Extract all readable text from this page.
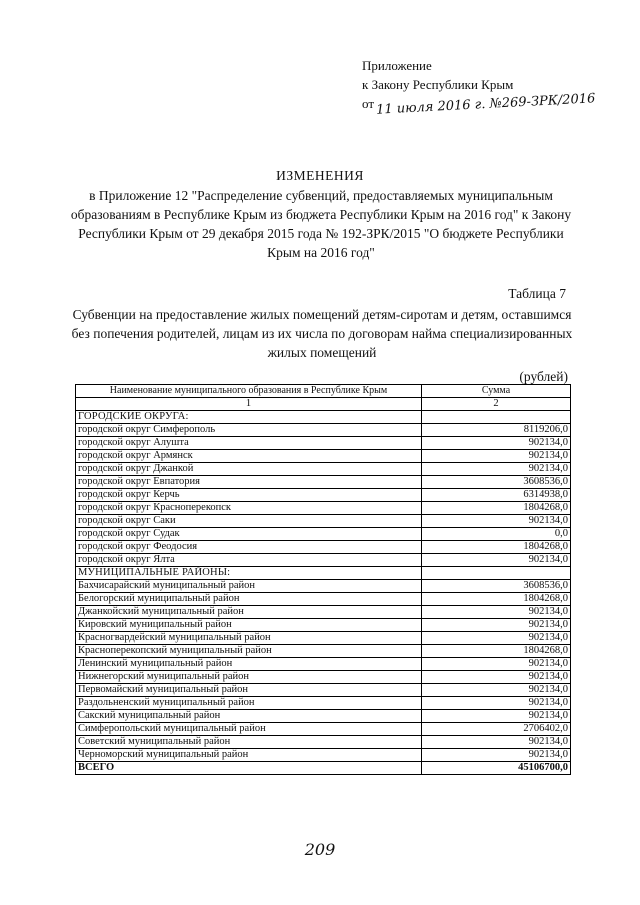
Приложение
к Закону Республики Крым
от 11 июля 2016 г. №269-ЗРК/2016
ИЗМЕНЕНИЯ
в Приложение 12 "Распределение субвенций, предоставляемых муниципальным образованиям в Республике Крым из бюджета Республики Крым на 2016 год" к Закону Республики Крым от 29 декабря 2015 года № 192-ЗРК/2015 "О бюджете Республики Крым на 2016 год"
Таблица 7
Субвенции на предоставление жилых помещений детям-сиротам и детям, оставшимся без попечения родителей, лицам из их числа по договорам найма специализированных жилых помещений
(рублей)
Наименование муниципального образования в Республике Крым	Сумма
1	2
ГОРОДСКИЕ ОКРУГА:	
городской округ Симферополь	8119206,0
городской округ Алушта	902134,0
городской округ Армянск	902134,0
городской округ Джанкой	902134,0
городской округ Евпатория	3608536,0
городской округ Керчь	6314938,0
городской округ Красноперекопск	1804268,0
городской округ Саки	902134,0
городской округ Судак	0,0
городской округ Феодосия	1804268,0
городской округ Ялта	902134,0
МУНИЦИПАЛЬНЫЕ РАЙОНЫ:	
Бахчисарайский муниципальный район	3608536,0
Белогорский муниципальный район	1804268,0
Джанкойский муниципальный район	902134,0
Кировский муниципальный район	902134,0
Красногвардейский муниципальный район	902134,0
Красноперекопский муниципальный район	1804268,0
Ленинский муниципальный район	902134,0
Нижнегорский муниципальный район	902134,0
Первомайский муниципальный район	902134,0
Раздольненский муниципальный район	902134,0
Сакский муниципальный район	902134,0
Симферопольский муниципальный район	2706402,0
Советский муниципальный район	902134,0
Черноморский муниципальный район	902134,0
ВСЕГО	45106700,0
209
